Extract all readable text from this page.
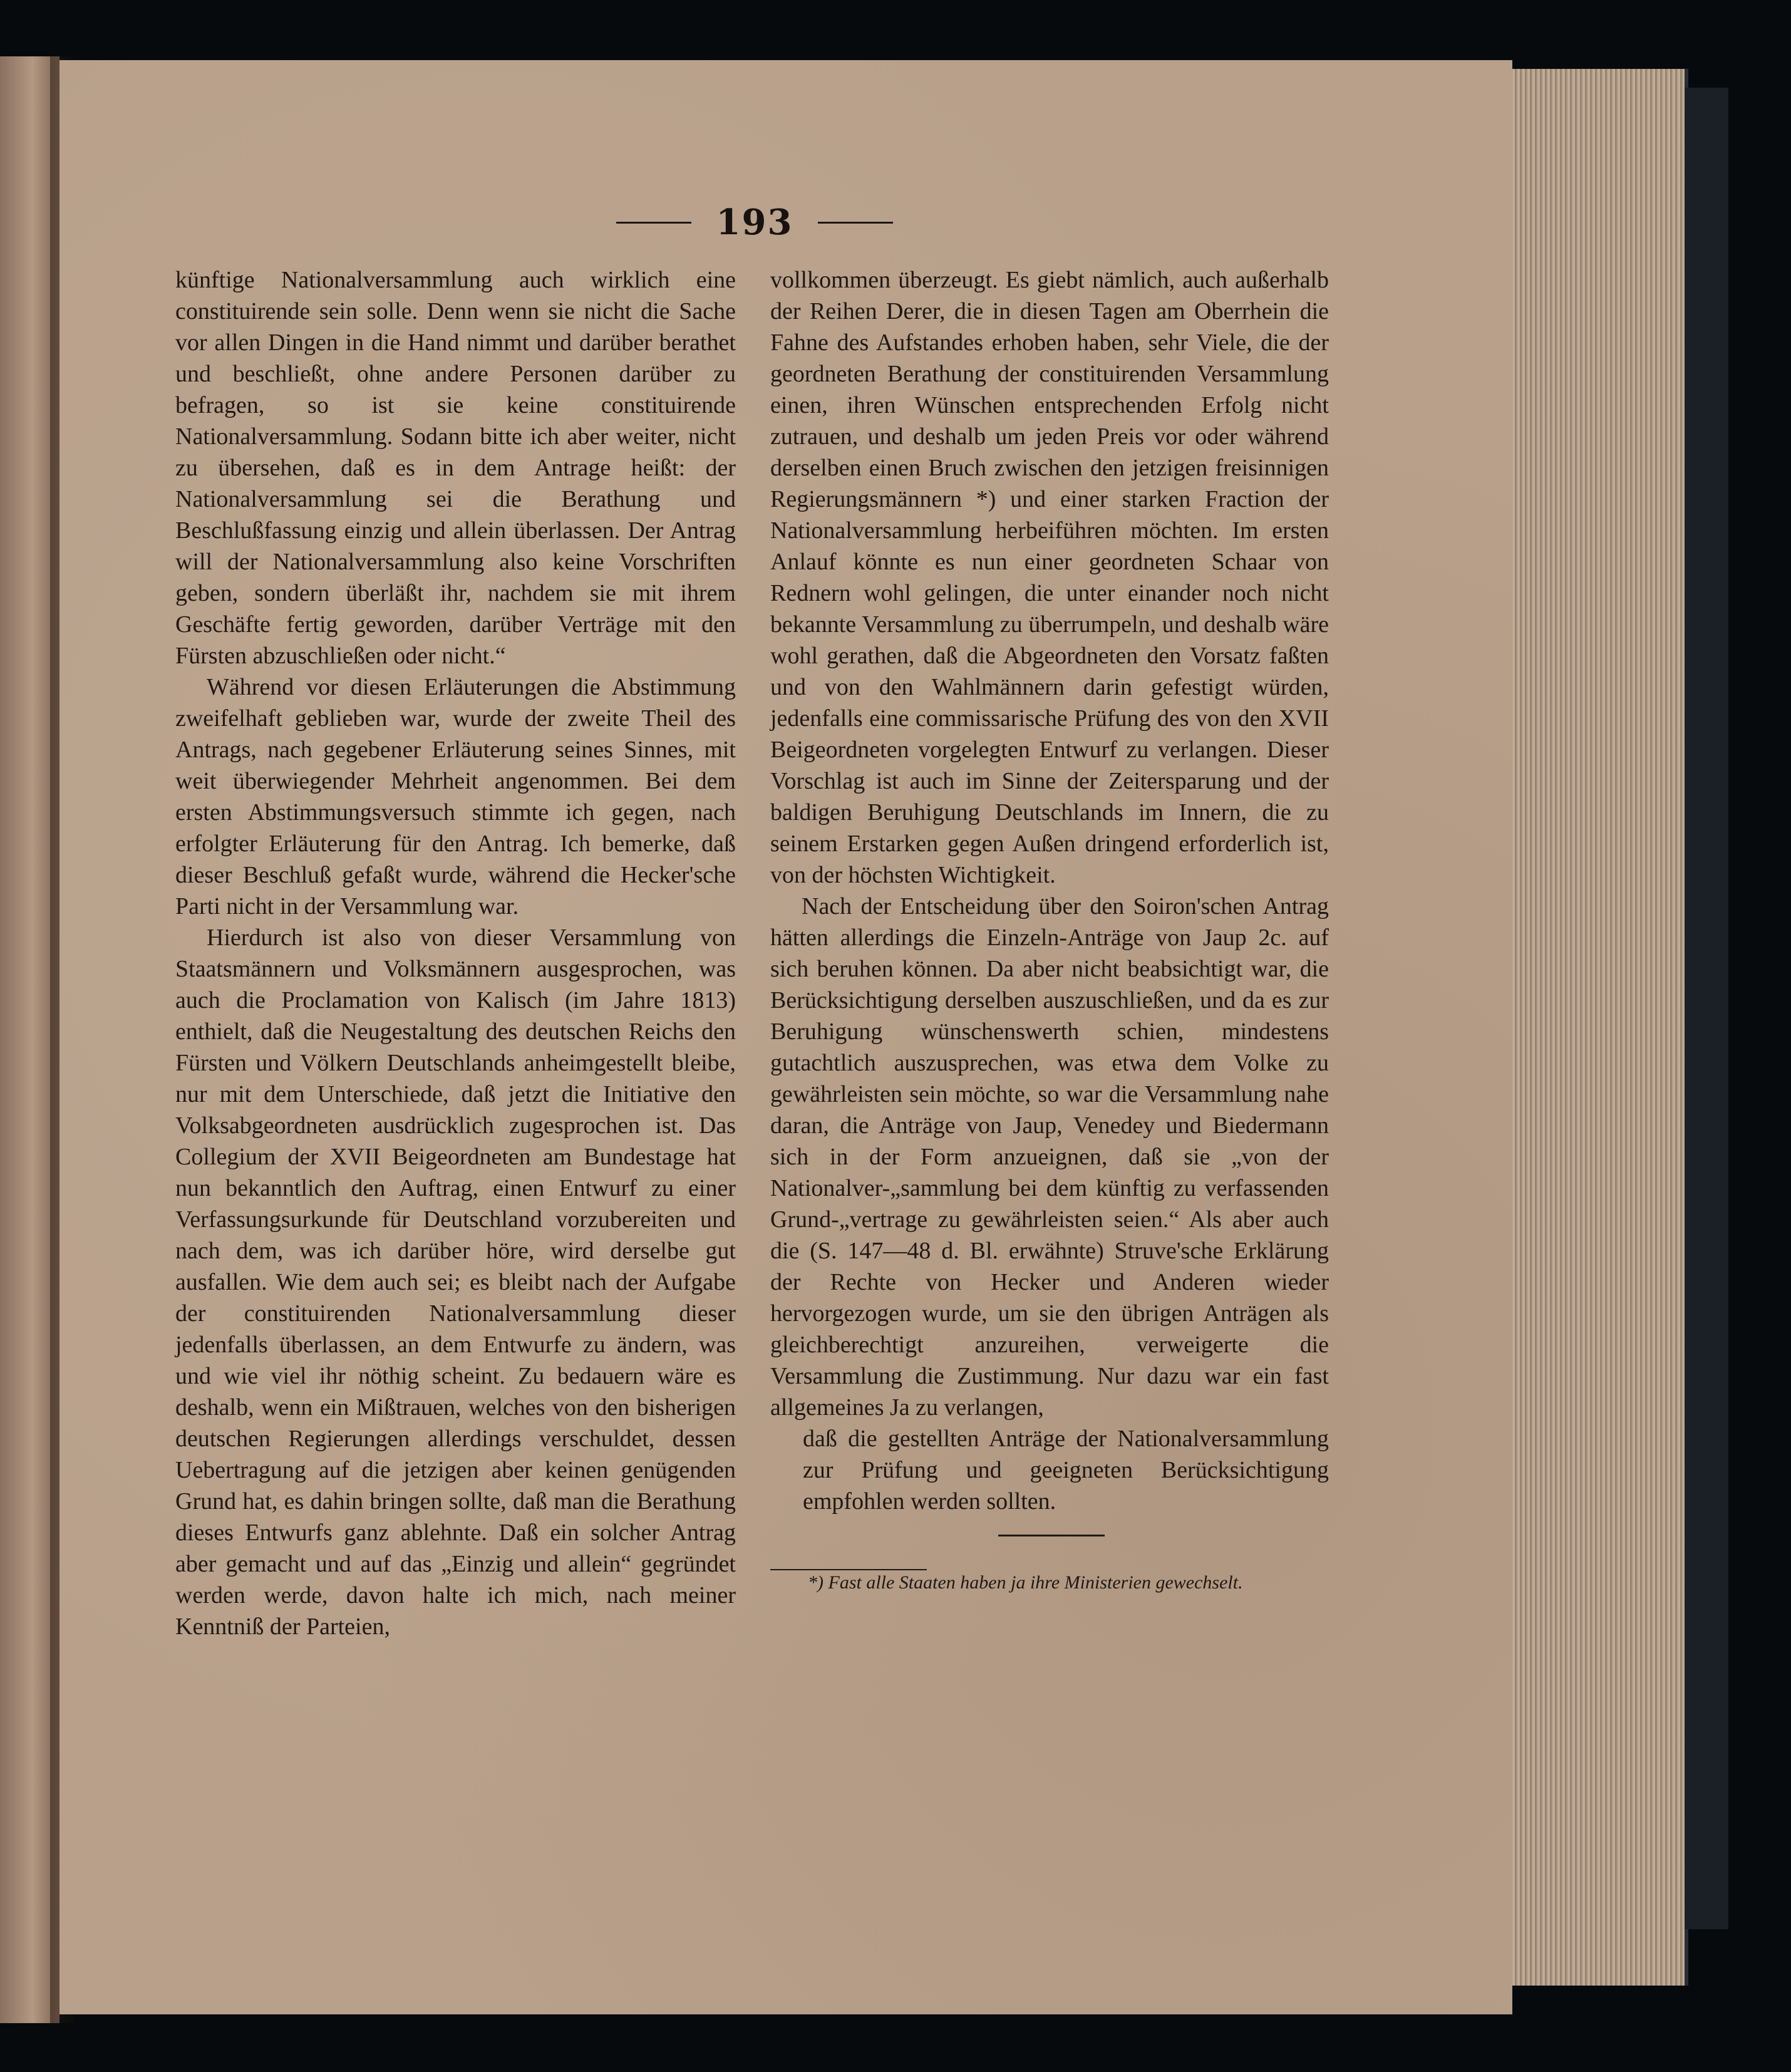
193

künftige Nationalversammlung auch wirklich eine constituirende sein solle. Denn wenn sie nicht die Sache vor allen Dingen in die Hand nimmt und darüber berathet und beschließt, ohne andere Personen darüber zu befragen, so ist sie keine constituirende Nationalversammlung. Sodann bitte ich aber weiter, nicht zu übersehen, daß es in dem Antrage heißt: der Nationalversammlung sei die Berathung und Beschlußfassung einzig und allein überlassen. Der Antrag will der Nationalversammlung also keine Vorschriften geben, sondern überläßt ihr, nachdem sie mit ihrem Geschäfte fertig geworden, darüber Verträge mit den Fürsten abzuschließen oder nicht.“

Während vor diesen Erläuterungen die Abstimmung zweifelhaft geblieben war, wurde der zweite Theil des Antrags, nach gegebener Erläuterung seines Sinnes, mit weit überwiegender Mehrheit angenommen. Bei dem ersten Abstimmungsversuch stimmte ich gegen, nach erfolgter Erläuterung für den Antrag. Ich bemerke, daß dieser Beschluß gefaßt wurde, während die Hecker'sche Parti nicht in der Versammlung war.

Hierdurch ist also von dieser Versammlung von Staatsmännern und Volksmännern ausgesprochen, was auch die Proclamation von Kalisch (im Jahre 1813) enthielt, daß die Neugestaltung des deutschen Reichs den Fürsten und Völkern Deutschlands anheimgestellt bleibe, nur mit dem Unterschiede, daß jetzt die Initiative den Volksabgeordneten ausdrücklich zugesprochen ist. Das Collegium der XVII Beigeordneten am Bundestage hat nun bekanntlich den Auftrag, einen Entwurf zu einer Verfassungsurkunde für Deutschland vorzubereiten und nach dem, was ich darüber höre, wird derselbe gut ausfallen. Wie dem auch sei; es bleibt nach der Aufgabe der constituirenden Nationalversammlung dieser jedenfalls überlassen, an dem Entwurfe zu ändern, was und wie viel ihr nöthig scheint. Zu bedauern wäre es deshalb, wenn ein Mißtrauen, welches von den bisherigen deutschen Regierungen allerdings verschuldet, dessen Uebertragung auf die jetzigen aber keinen genügenden Grund hat, es dahin bringen sollte, daß man die Berathung dieses Entwurfs ganz ablehnte. Daß ein solcher Antrag aber gemacht und auf das „Einzig und allein“ gegründet werden werde, davon halte ich mich, nach meiner Kenntniß der Parteien,

vollkommen überzeugt. Es giebt nämlich, auch außerhalb der Reihen Derer, die in diesen Tagen am Oberrhein die Fahne des Aufstandes erhoben haben, sehr Viele, die der geordneten Berathung der constituirenden Versammlung einen, ihren Wünschen entsprechenden Erfolg nicht zutrauen, und deshalb um jeden Preis vor oder während derselben einen Bruch zwischen den jetzigen freisinnigen Regierungsmännern *) und einer starken Fraction der Nationalversammlung herbeiführen möchten. Im ersten Anlauf könnte es nun einer geordneten Schaar von Rednern wohl gelingen, die unter einander noch nicht bekannte Versammlung zu überrumpeln, und deshalb wäre wohl gerathen, daß die Abgeordneten den Vorsatz faßten und von den Wahlmännern darin gefestigt würden, jedenfalls eine commissarische Prüfung des von den XVII Beigeordneten vorgelegten Entwurf zu verlangen. Dieser Vorschlag ist auch im Sinne der Zeitersparung und der baldigen Beruhigung Deutschlands im Innern, die zu seinem Erstarken gegen Außen dringend erforderlich ist, von der höchsten Wichtigkeit.

Nach der Entscheidung über den Soiron'schen Antrag hätten allerdings die Einzeln-Anträge von Jaup 2c. auf sich beruhen können. Da aber nicht beabsichtigt war, die Berücksichtigung derselben auszuschließen, und da es zur Beruhigung wünschenswerth schien, mindestens gutachtlich auszusprechen, was etwa dem Volke zu gewährleisten sein möchte, so war die Versammlung nahe daran, die Anträge von Jaup, Venedey und Biedermann sich in der Form anzueignen, daß sie „von der Nationalver-„sammlung bei dem künftig zu verfassenden Grund-„vertrage zu gewährleisten seien.“ Als aber auch die (S. 147—48 d. Bl. erwähnte) Struve'sche Erklärung der Rechte von Hecker und Anderen wieder hervorgezogen wurde, um sie den übrigen Anträgen als gleichberechtigt anzureihen, verweigerte die Versammlung die Zustimmung. Nur dazu war ein fast allgemeines Ja zu verlangen,

daß die gestellten Anträge der Nationalversammlung zur Prüfung und geeigneten Berücksichtigung empfohlen werden sollten.

*) Fast alle Staaten haben ja ihre Ministerien gewechselt.
